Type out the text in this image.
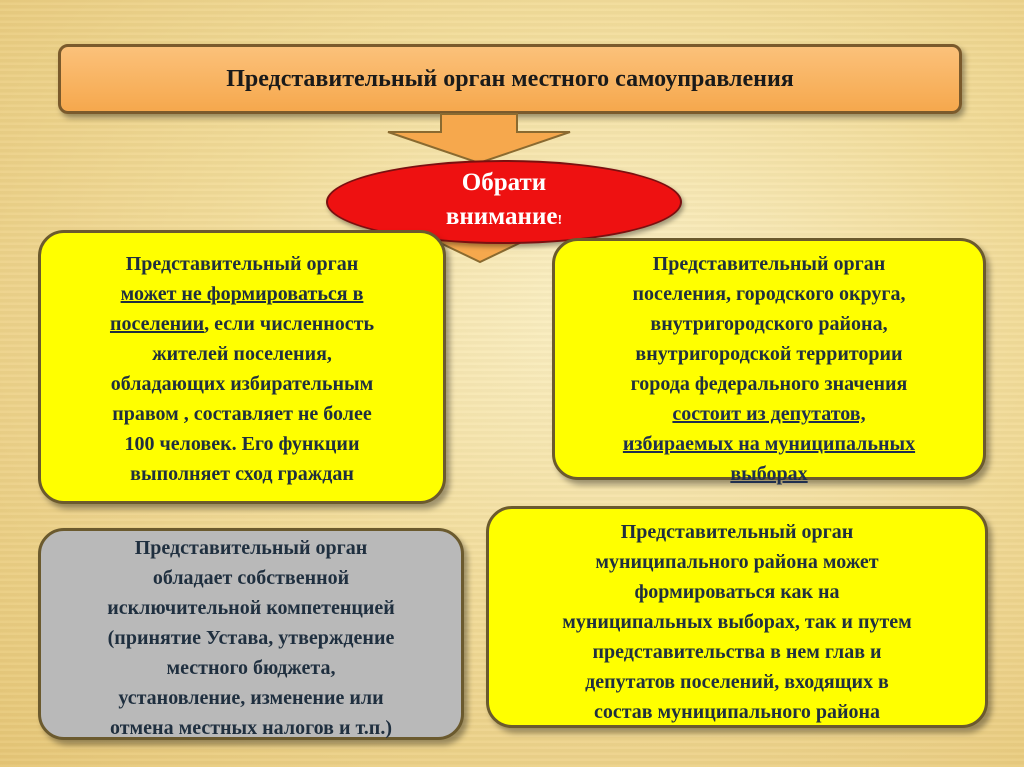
Представительный орган местного самоуправления
Обрати
внимание!
Представительный орган
может не формироваться в
поселении, если численность
жителей поселения,
обладающих избирательным
правом , составляет не более
100 человек. Его функции
выполняет сход граждан
Представительный орган
поселения, городского округа,
внутригородского района,
внутригородской территории
города федерального значения
состоит из депутатов,
избираемых на муниципальных
выборах
Представительный орган
обладает собственной
исключительной компетенцией
(принятие Устава, утверждение
местного бюджета,
установление, изменение или
отмена местных налогов и т.п.)
Представительный орган
муниципального района может
формироваться как на
муниципальных выборах, так и путем
представительства в нем глав и
депутатов поселений, входящих в
состав муниципального района
